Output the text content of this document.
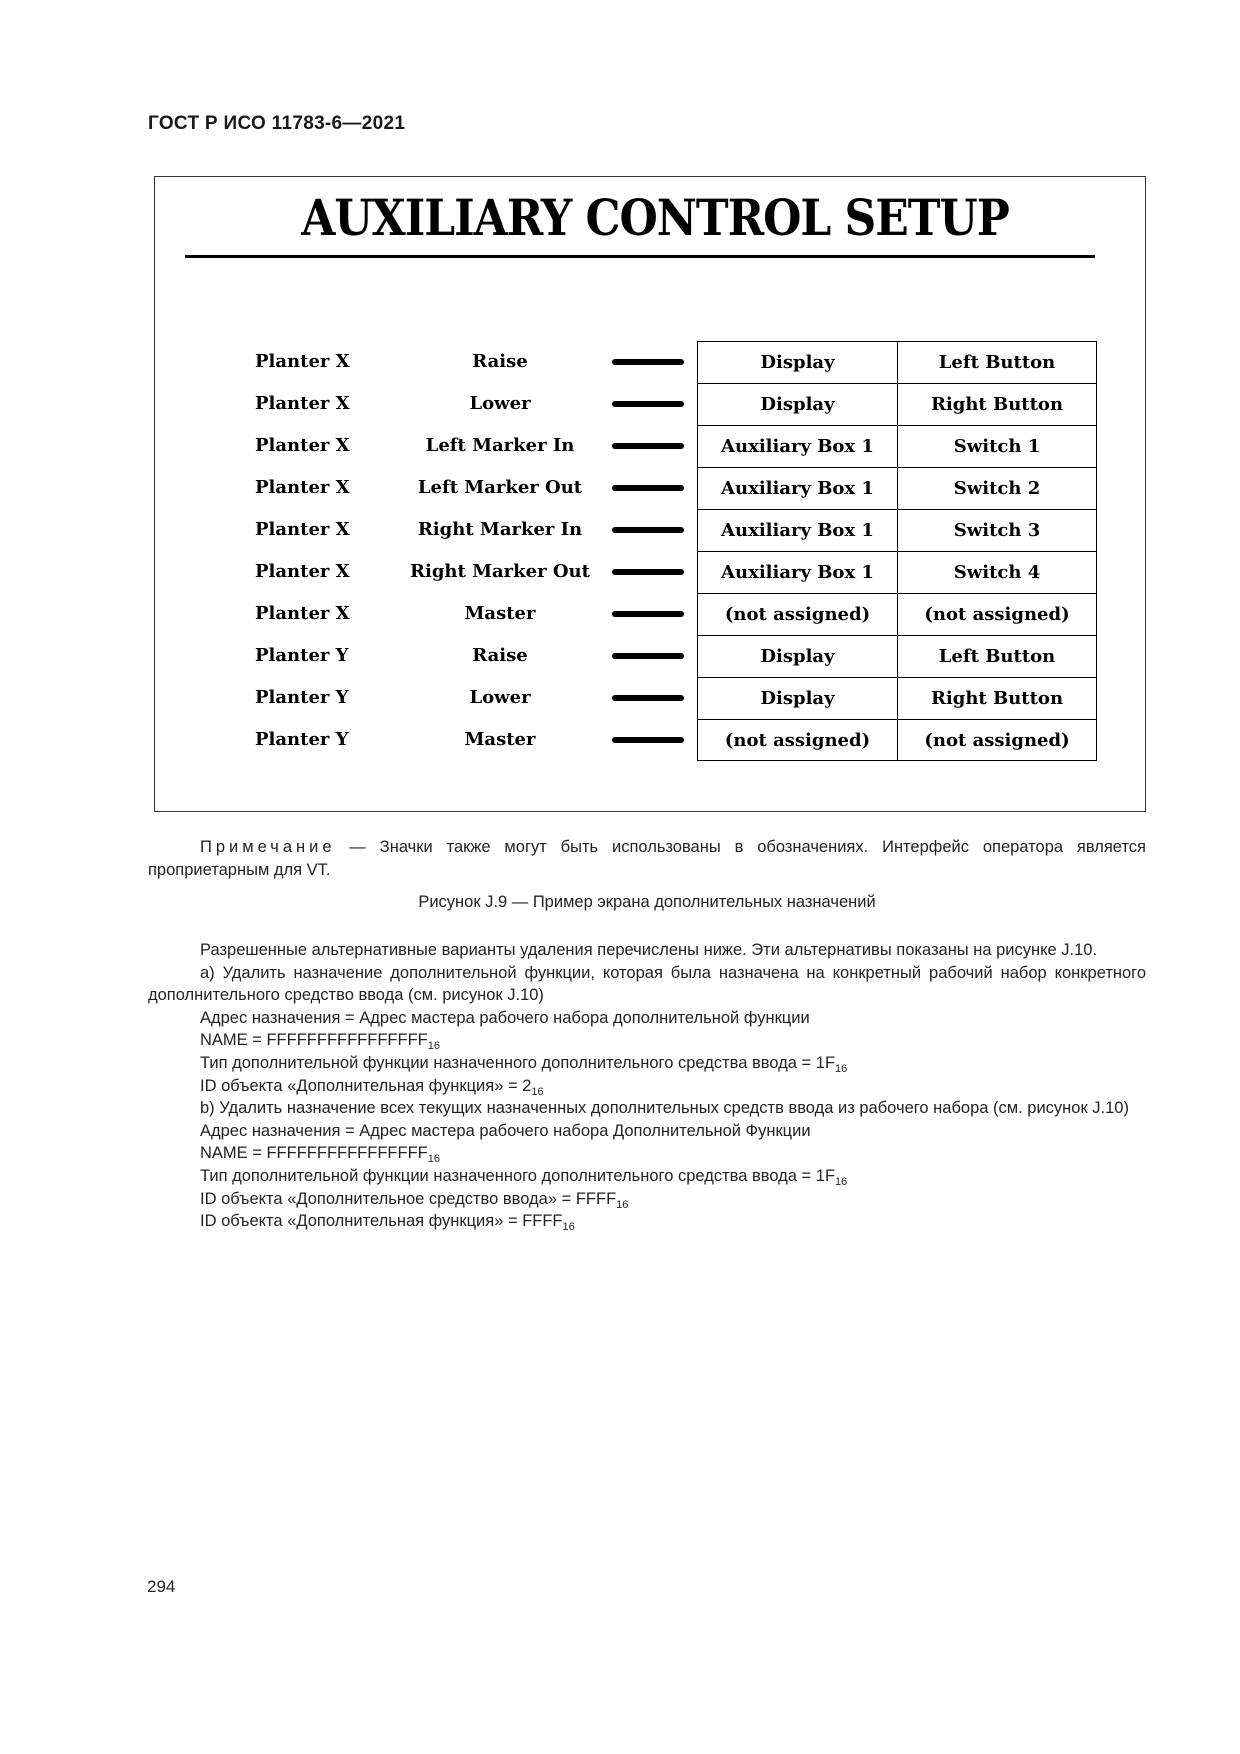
ГОСТ Р ИСО 11783-6—2021
AUXILIARY CONTROL SETUP
Planter X	Raise	Display	Left Button
Planter X	Lower	Display	Right Button
Planter X	Left Marker In	Auxiliary Box 1	Switch 1
Planter X	Left Marker Out	Auxiliary Box 1	Switch 2
Planter X	Right Marker In	Auxiliary Box 1	Switch 3
Planter X	Right Marker Out	Auxiliary Box 1	Switch 4
Planter X	Master	(not assigned)	(not assigned)
Planter Y	Raise	Display	Left Button
Planter Y	Lower	Display	Right Button
Planter Y	Master	(not assigned)	(not assigned)
Примечание — Значки также могут быть использованы в обозначениях. Интерфейс оператора является проприетарным для VT.
Рисунок J.9 — Пример экрана дополнительных назначений

Разрешенные альтернативные варианты удаления перечислены ниже. Эти альтернативы показаны на рисунке J.10.

a) Удалить назначение дополнительной функции, которая была назначена на конкретный рабочий набор конкретного дополнительного средство ввода (см. рисунок J.10)

Адрес назначения = Адрес мастера рабочего набора дополнительной функции

NAME = $FFFFFFFFFFFFFFFF_{16}$

Тип дополнительной функции назначенного дополнительного средства ввода = $1F_{16}$

ID объекта «Дополнительная функция» = $2_{16}$

b) Удалить назначение всех текущих назначенных дополнительных средств ввода из рабочего набора (см. рисунок J.10)

Адрес назначения = Адрес мастера рабочего набора Дополнительной Функции

NAME = $FFFFFFFFFFFFFFFF_{16}$

Тип дополнительной функции назначенного дополнительного средства ввода = $1F_{16}$

ID объекта «Дополнительное средство ввода» = $FFFF_{16}$

ID объекта «Дополнительная функция» = $FFFF_{16}$

294
